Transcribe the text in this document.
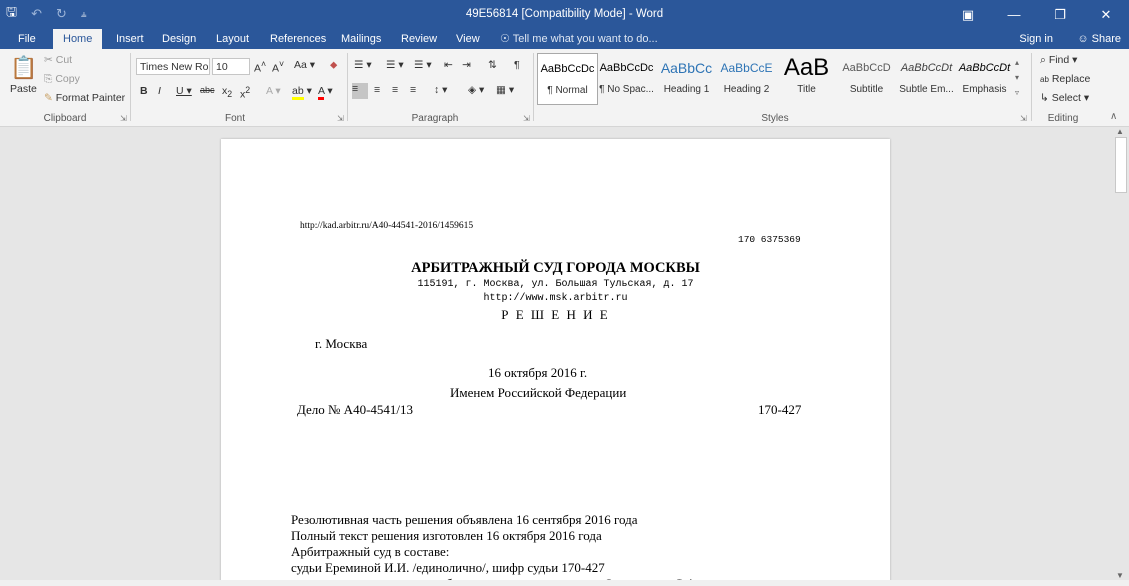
🖫 ↶ ↻ ⫨	49E56814 [Compatibility Mode] - Word	▣	—	❐	✕
File	Home	Insert Design Layout References Mailings Review View ☉ Tell me what you want to do...	Sign in ☺ Share
📋
Paste
✂ Cut
⎘ Copy
✎ Format Painter
Clipboard	⇲
Times New Ro 10	A˄ A˅ Aa ▾ ⬥
B I U ▾ abc $x_2$ $x^2$ A ▾ ab ▾ A ▾
Font	⇲
☰ ▾ ☰ ▾ ☰ ▾ ⇤ ⇥ ⇅ ¶
≡	≡ ≡ ≡ ↕ ▾ ◈ ▾ ▦ ▾
Paragraph	⇲
AaBbCcDc
¶ Normal
AaBbCcDc
¶ No Spac...
AaBbCc
Heading 1
AaBbCcE
Heading 2
AaB
Title
AaBbCcD
Subtitle
AaBbCcDt
Subtle Em...
AaBbCcDt
Emphasis
▴
▾
▿
Styles	⇲
⌕ Find ▾
ab Replace
↳ Select ▾
Editing	∧
http://kad.arbitr.ru/A40-44541-2016/1459615
170 6375369
АРБИТРАЖНЫЙ СУД ГОРОДА МОСКВЫ
115191, г. Москва, ул. Большая Тульская, д. 17
http://www.msk.arbitr.ru
Р Е Ш Е Н И Е
г. Москва
16 октября 2016 г.
Именем Российской Федерации
Дело № А40-4541/13	170-427
Резолютивная часть решения объявлена 16 сентября 2016 года
Полный текст решения изготовлен 16 октября 2016 года
Арбитражный суд в составе:
судьи Ереминой И.И. /единолично/, шифр судьи 170-427
▲
▼
